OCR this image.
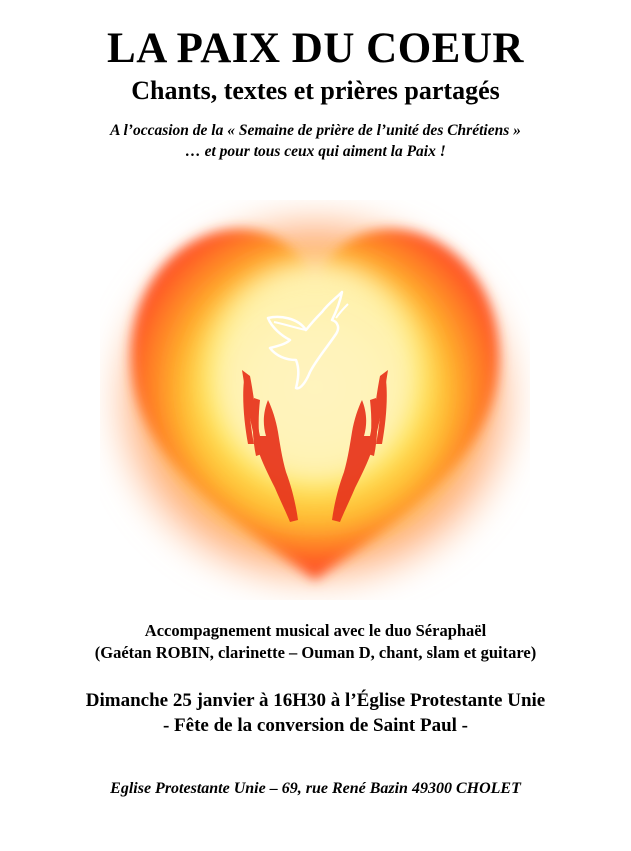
LA PAIX DU COEUR
Chants, textes et prières partagés
A l’occasion de la « Semaine de prière de l’unité des Chrétiens »
… et pour tous ceux qui aiment la Paix !
Accompagnement musical avec le duo Séraphaël
(Gaétan ROBIN, clarinette – Ouman D, chant, slam et guitare)
Dimanche 25 janvier à 16H30 à l’Église Protestante Unie
- Fête de la conversion de Saint Paul -
Eglise Protestante Unie – 69, rue René Bazin 49300 CHOLET
